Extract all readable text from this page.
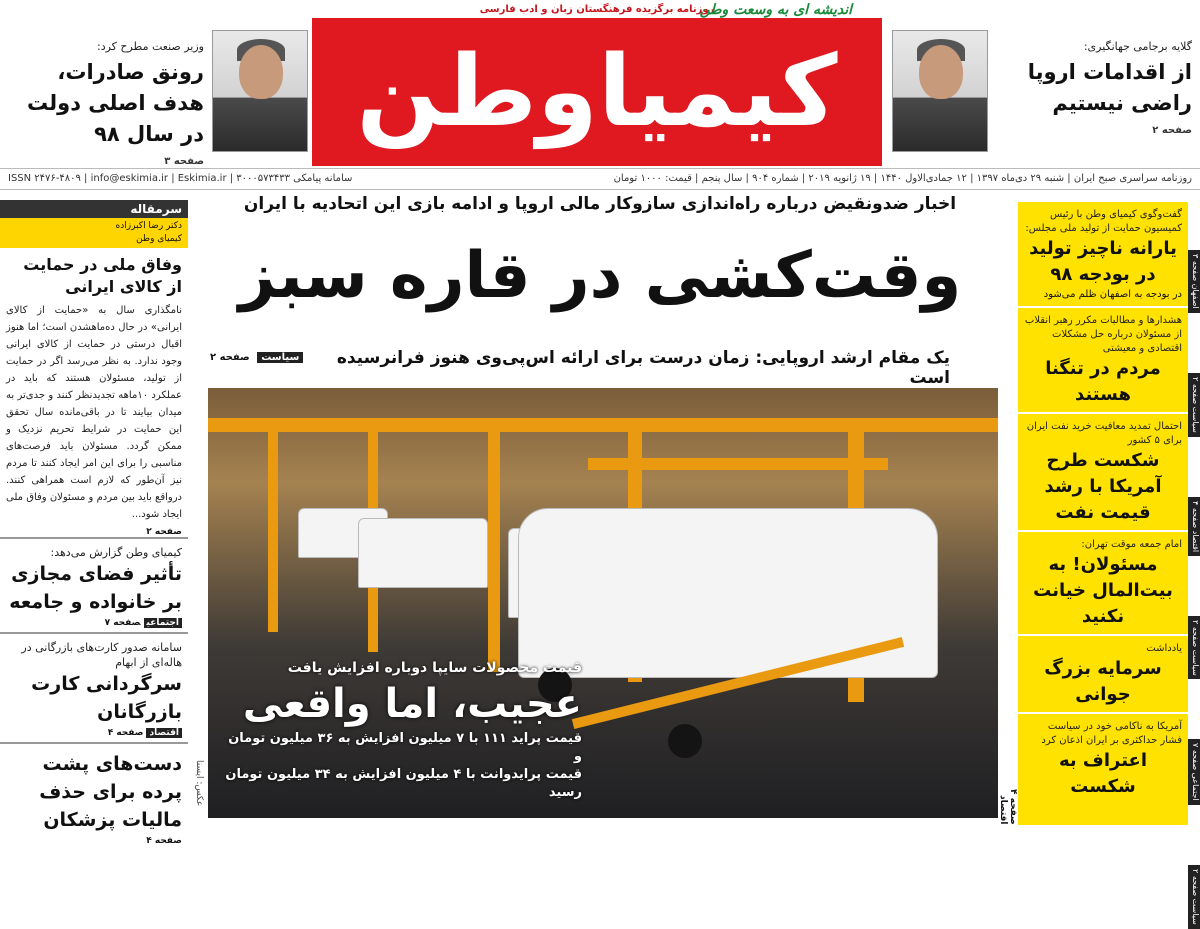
روزنامه برگزیده فرهنگستان زبان و ادب فارسی
اندیشه ای به وسعت وطن
کیمیاوطن	گلایه برجامی جهانگیری:
از اقدامات اروپا راضی نیستیم
صفحه ۲
وزیر صنعت مطرح کرد:
رونق صادرات، هدف اصلی دولت در سال ۹۸
صفحه ۳
روزنامه سراسری صبح ایران | شنبه ۲۹ دی‌ماه ۱۳۹۷ | ۱۲ جمادی‌الاول ۱۴۴۰ | ۱۹ ژانویه ۲۰۱۹ | شماره ۹۰۴ | سال پنجم | قیمت: ۱۰۰۰ تومان
ISSN ۲۴۷۶-۴۸۰۹ | info@eskimia.ir | Eskimia.ir | سامانه پیامکی ۳۰۰۰۵۷۳۴۳۳
اخبار ضدونقیض درباره راه‌اندازی سازوکار مالی اروپا و ادامه بازی این اتحادیه با ایران
وقت‌کشی در قاره سبز
یک مقام ارشد اروپایی: زمان درست برای ارائه اس‌پی‌وی هنوز فرانرسیده است
سیاست صفحه ۲
قیمت محصولات سایپا دوباره افزایش یافت
عجیب، اما واقعی
قیمت پراید ۱۱۱ با ۷ میلیون افزایش به ۳۶ میلیون تومان و
قیمت پرایدوانت با ۴ میلیون افزایش به ۳۴ میلیون تومان رسید
عکس: ایسنا	صفحه ۴ اقتصاد
سرمقاله
دکتر رضا اکبرزاده
کیمیای وطن
وفاق ملی در حمایت از کالای ایرانی
نامگذاری سال به «حمایت از کالای ایرانی» در حال ده‌ماهشدن است؛ اما هنوز اقبال درستی در حمایت از کالای ایرانی وجود ندارد. به نظر می‌رسد اگر در حمایت از تولید، مسئولان هستند که باید در عملکرد ۱۰ماهه تجدیدنظر کنند و جدی‌تر به میدان بیایند تا در باقی‌مانده سال تحقق این حمایت در شرایط تحریم نزدیک و ممکن گردد. مسئولان باید فرصت‌های مناسبی را برای این امر ایجاد کنند تا مردم نیز آن‌طور که لازم است همراهی کنند. درواقع باید بین مردم و مسئولان وفاق ملی ایجاد شود...
صفحه ۲
کیمیای وطن گزارش می‌دهد:
تأثیر فضای مجازی بر خانواده و جامعه
اجتماعیصفحه ۷
سامانه صدور کارت‌های بازرگانی در هاله‌ای از ابهام
سرگردانی کارت بازرگانان
اقتصادصفحه ۴
دست‌های پشت پرده برای حذف مالیات پزشکان
صفحه ۴
گفت‌وگوی کیمیای وطن با رئیس کمیسیون حمایت از تولید ملی مجلس:
یارانه ناچیز تولید در بودجه ۹۸
در بودجه به اصفهان ظلم می‌شود
هشدارها و مطالبات مکرر رهبر انقلاب از مسئولان درباره حل مشکلات اقتصادی و معیشتی
مردم در تنگنا هستند
احتمال تمدید معافیت خرید نفت ایران برای ۵ کشور
شکست طرح آمریکا با رشد قیمت نفت
امام جمعه موقت تهران:
مسئولان! به بیت‌المال خیانت نکنید
یادداشت
سرمایه بزرگ جوانی
آمریکا به ناکامی خود در سیاست فشار حداکثری بر ایران اذعان کرد
اعتراف به شکست
اصفهان صفحه ۳
سیاست صفحه ۲
اقتصاد صفحه ۴
سیاست صفحه ۲
اجتماعی صفحه ۷
سیاست صفحه ۲
